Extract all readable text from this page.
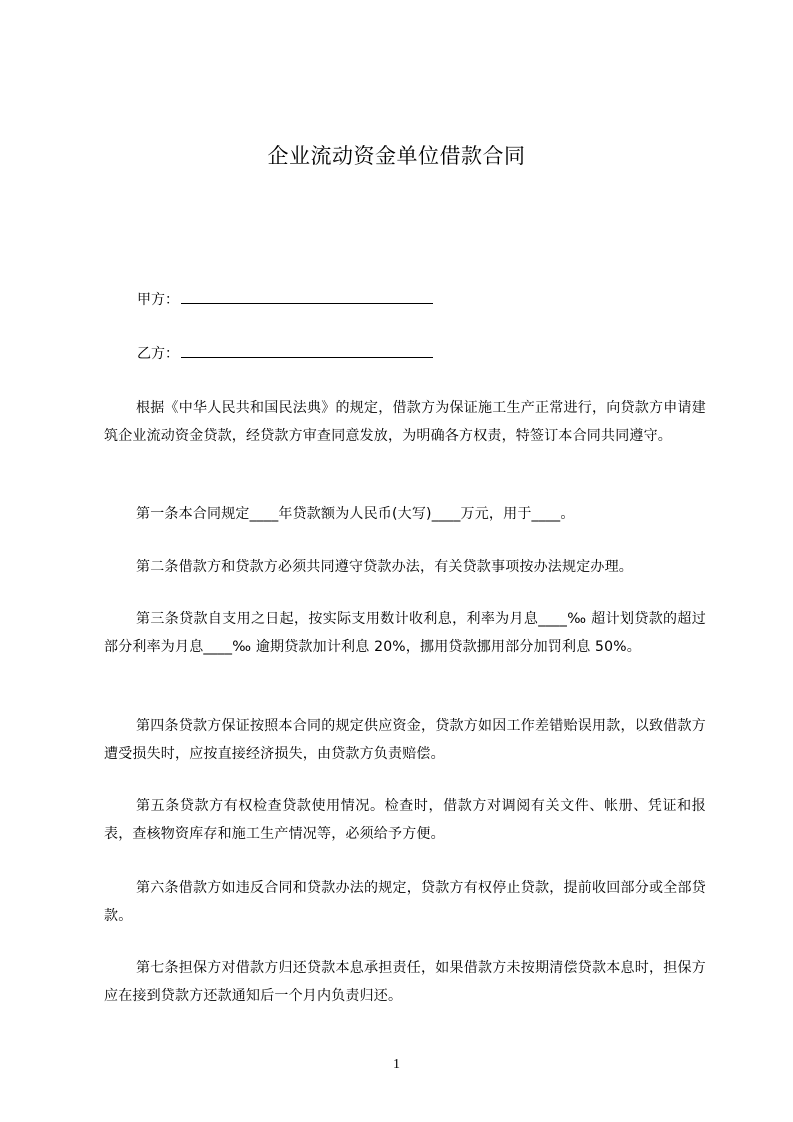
企业流动资金单位借款合同
甲方：
乙方：
根据《中华人民共和国民法典》的规定，借款方为保证施工生产正常进行，向贷款方申请建筑企业流动资金贷款，经贷款方审查同意发放，为明确各方权责，特签订本合同共同遵守。
第一条本合同规定____年贷款额为人民币(大写)____万元，用于____。
第二条借款方和贷款方必须共同遵守贷款办法，有关贷款事项按办法规定办理。
第三条贷款自支用之日起，按实际支用数计收利息，利率为月息____‰ 超计划贷款的超过部分利率为月息____‰ 逾期贷款加计利息 20%，挪用贷款挪用部分加罚利息 50%。
第四条贷款方保证按照本合同的规定供应资金，贷款方如因工作差错贻误用款，以致借款方遭受损失时，应按直接经济损失，由贷款方负责赔偿。
第五条贷款方有权检查贷款使用情况。检查时，借款方对调阅有关文件、帐册、凭证和报表，查核物资库存和施工生产情况等，必须给予方便。
第六条借款方如违反合同和贷款办法的规定，贷款方有权停止贷款，提前收回部分或全部贷款。
第七条担保方对借款方归还贷款本息承担责任，如果借款方未按期清偿贷款本息时，担保方应在接到贷款方还款通知后一个月内负责归还。
1
